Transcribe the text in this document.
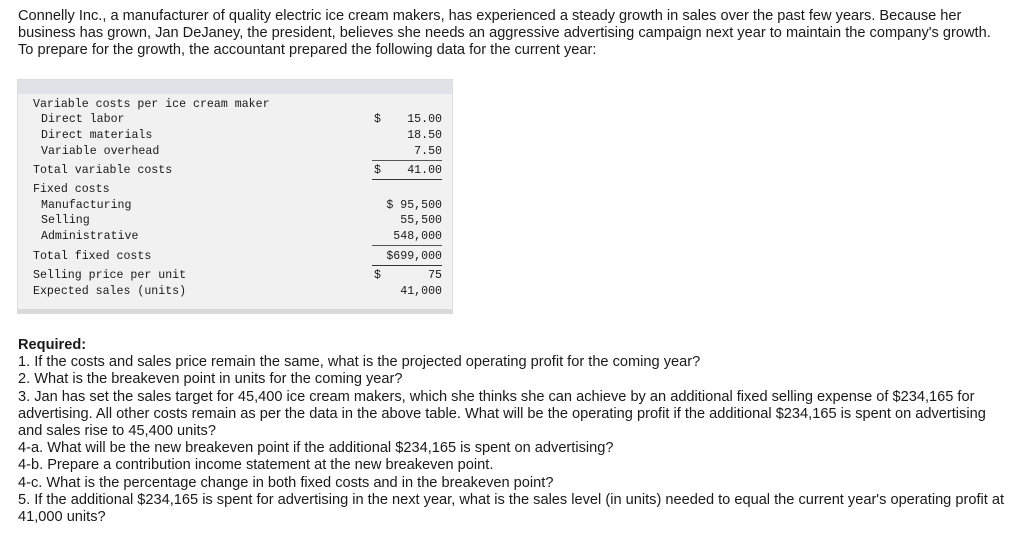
Connelly Inc., a manufacturer of quality electric ice cream makers, has experienced a steady growth in sales over the past few years. Because her business has grown, Jan DeJaney, the president, believes she needs an aggressive advertising campaign next year to maintain the company's growth. To prepare for the growth, the accountant prepared the following data for the current year:

Variable costs per ice cream maker
Direct labor	$ 15.00
Direct materials	18.50
Variable overhead	7.50
Total variable costs	$ 41.00
Fixed costs
Manufacturing	$ 95,500
Selling	55,500
Administrative	548,000
Total fixed costs	$699,000
Selling price per unit	$	75
Expected sales (units)	41,000
Required:
1. If the costs and sales price remain the same, what is the projected operating profit for the coming year?
2. What is the breakeven point in units for the coming year?
3. Jan has set the sales target for 45,400 ice cream makers, which she thinks she can achieve by an additional fixed selling expense of $234,165 for advertising. All other costs remain as per the data in the above table. What will be the operating profit if the additional $234,165 is spent on advertising and sales rise to 45,400 units?
4-a. What will be the new breakeven point if the additional $234,165 is spent on advertising?
4-b. Prepare a contribution income statement at the new breakeven point.
4-c. What is the percentage change in both fixed costs and in the breakeven point?
5. If the additional $234,165 is spent for advertising in the next year, what is the sales level (in units) needed to equal the current year's operating profit at 41,000 units?
